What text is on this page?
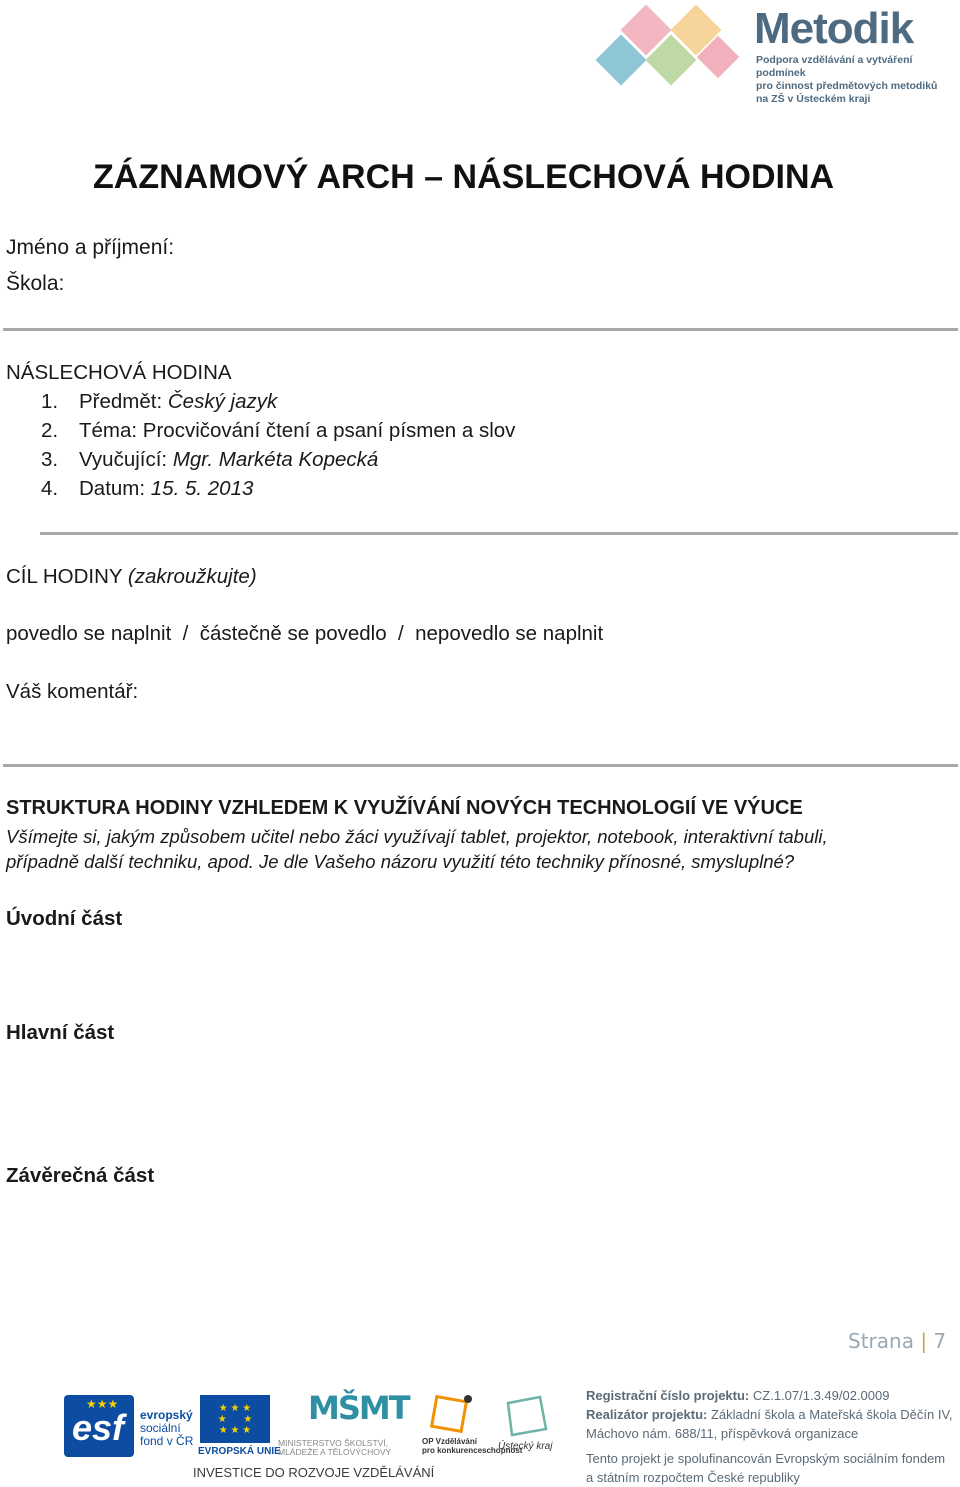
Metodik
Podpora vzdělávání a vytváření podmínek
pro činnost předmětových metodiků
na ZŠ v Ústeckém kraji
ZÁZNAMOVÝ ARCH – NÁSLECHOVÁ HODINA
Jméno a příjmení:
Škola:
NÁSLECHOVÁ HODINA
1. Předmět: Český jazyk
2. Téma: Procvičování čtení a psaní písmen a slov
3. Vyučující: Mgr. Markéta Kopecká
4. Datum: 15. 5. 2013
CÍL HODINY (zakroužkujte)
povedlo se naplnit  /  částečně se povedlo  /  nepovedlo se naplnit
Váš komentář:
STRUKTURA HODINY VZHLEDEM K VYUŽÍVÁNÍ NOVÝCH TECHNOLOGIÍ VE VÝUCE
Všímejte si, jakým způsobem učitel nebo žáci využívají tablet, projektor, notebook, interaktivní tabuli,
případně další techniku, apod. Je dle Vašeho názoru využití této techniky přínosné, smysluplné?
Úvodní část
Hlavní část
Závěrečná část
Strana | 7
esf
★★★
evropský
sociální
fond v ČR
★ ★ ★
★      ★
★ ★ ★
EVROPSKÁ UNIE
MŠMT
MINISTERSTVO ŠKOLSTVÍ,
MLÁDEŽE A TĚLOVÝCHOVY
OP Vzdělávání
pro konkurenceschopnost
Ústecký kraj
INVESTICE DO ROZVOJE VZDĚLÁVÁNÍ
Registrační číslo projektu: CZ.1.07/1.3.49/02.0009
Realizátor projektu: Základní škola a Mateřská škola Děčín IV,
Máchovo nám. 688/11, příspěvková organizace
Tento projekt je spolufinancován Evropským sociálním fondem
a státním rozpočtem České republiky
